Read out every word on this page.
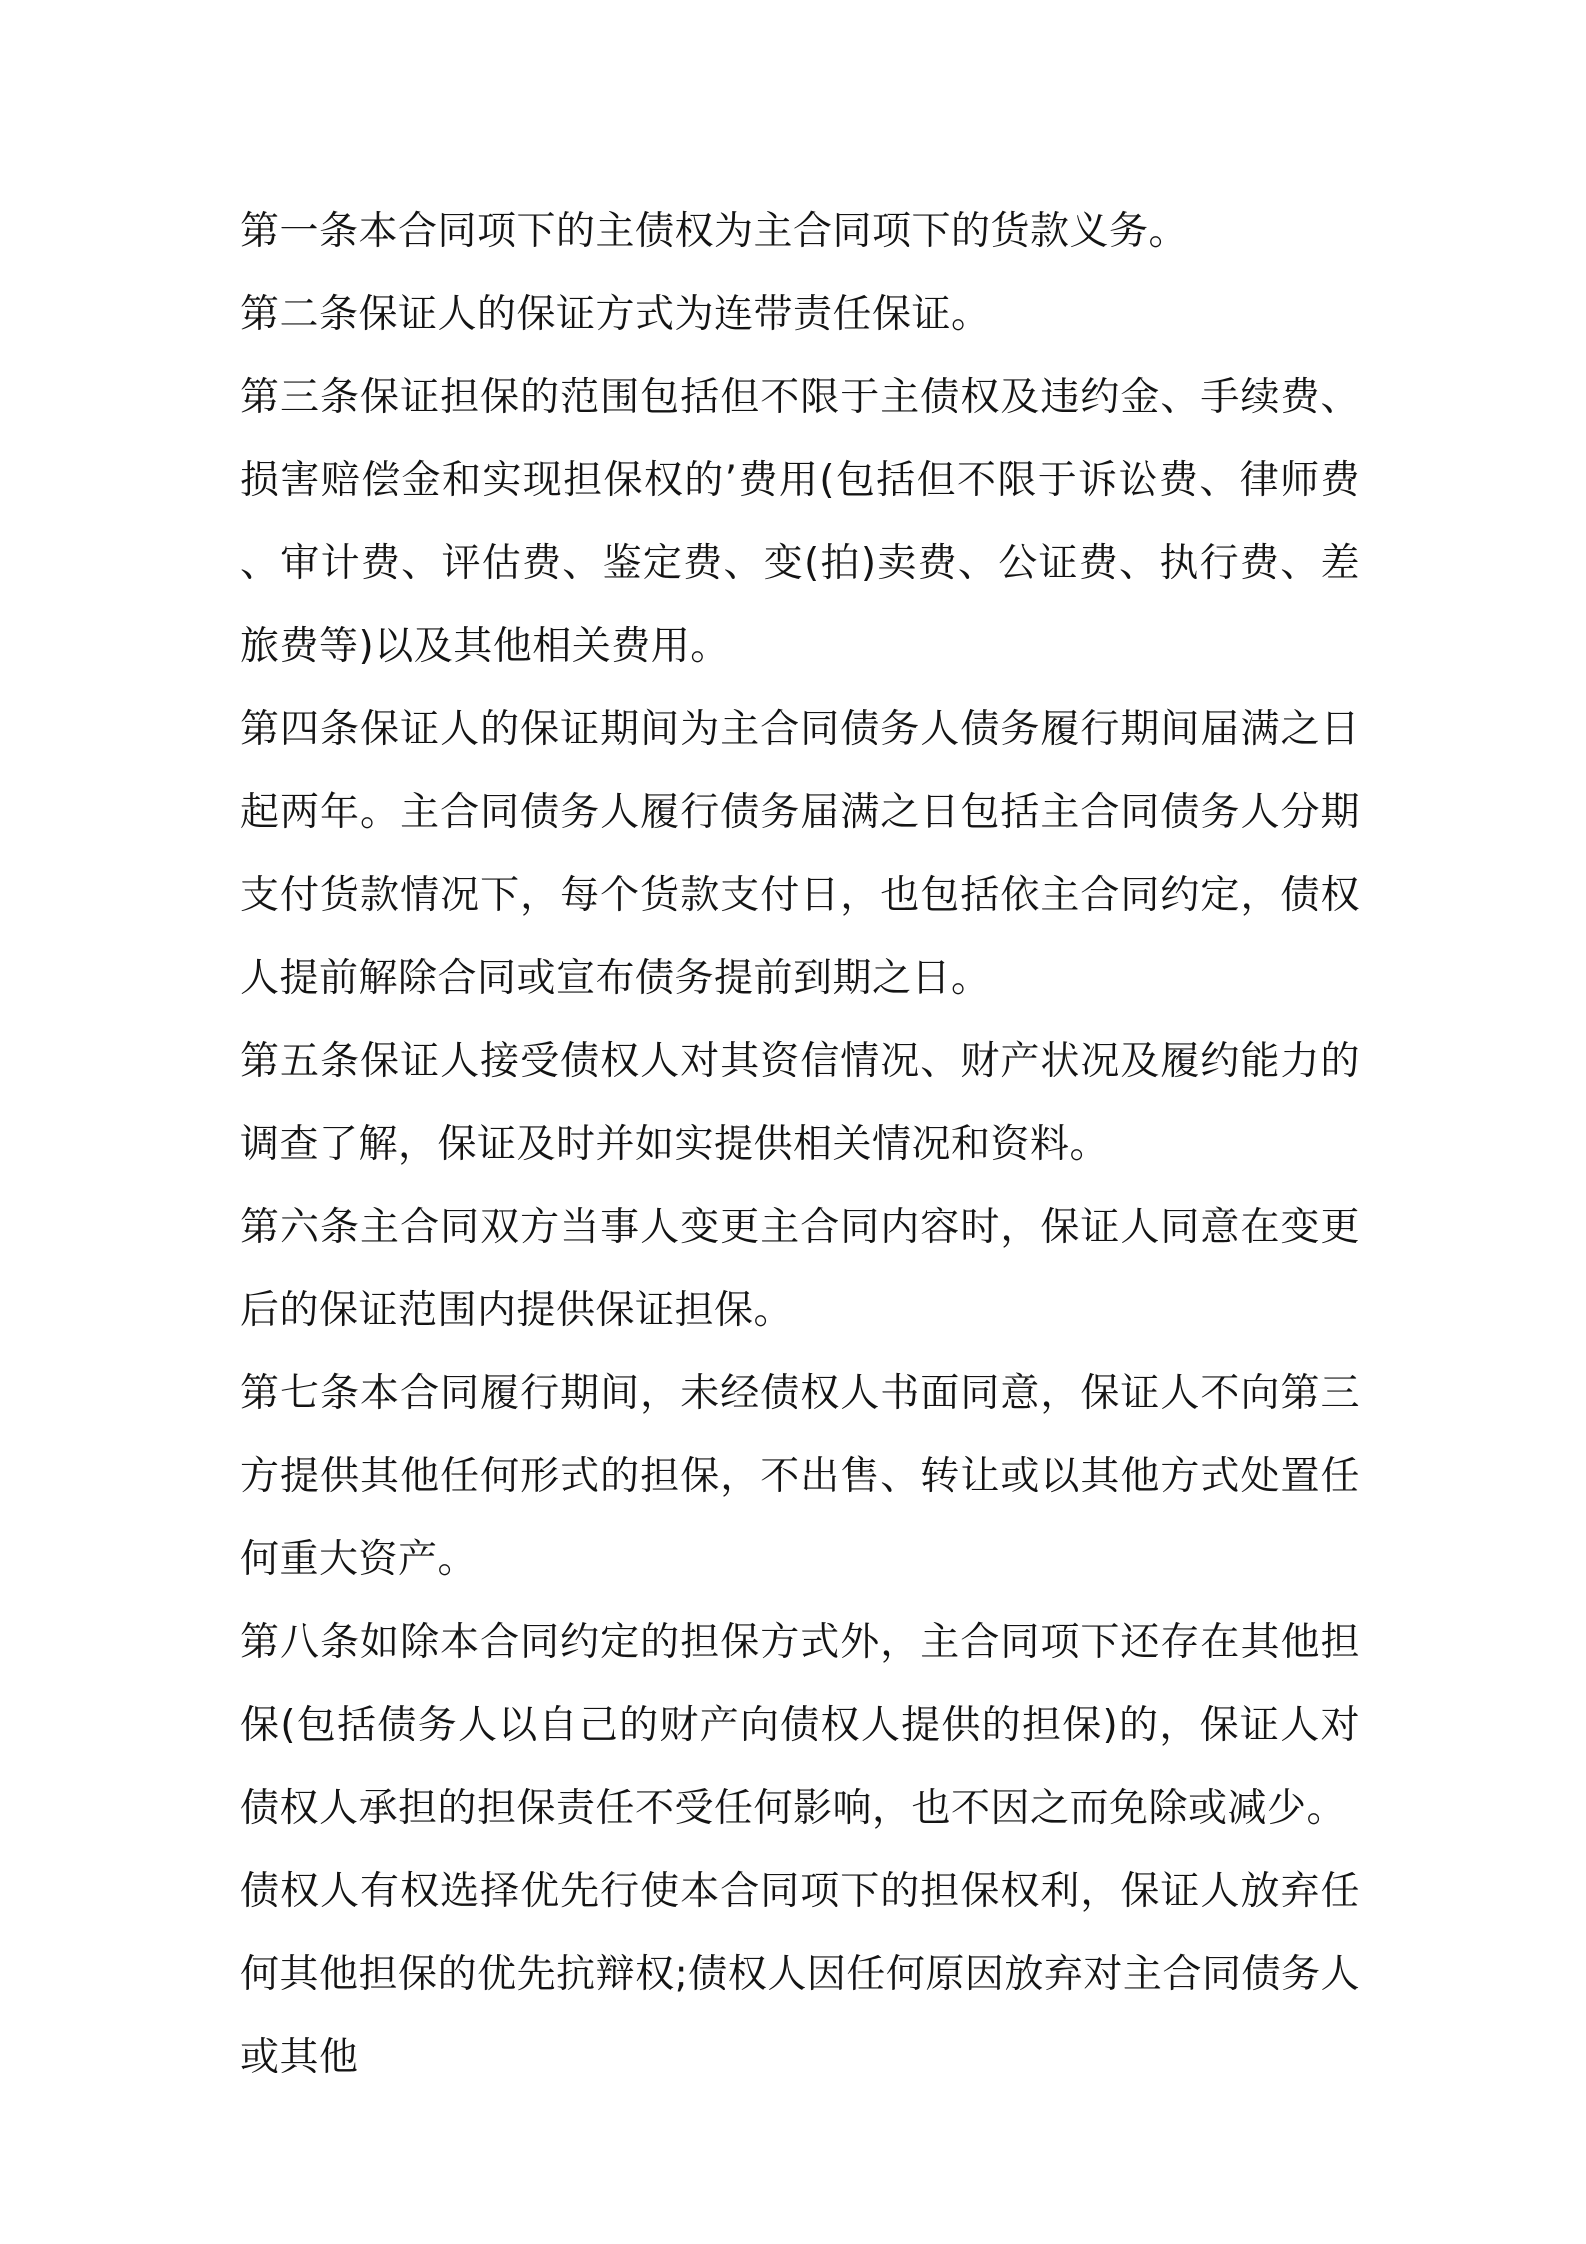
第一条本合同项下的主债权为主合同项下的货款义务。

第二条保证人的保证方式为连带责任保证。

第三条保证担保的范围包括但不限于主债权及违约金、手续费、损害赔偿金和实现担保权的’费用(包括但不限于诉讼费、律师费、审计费、评估费、鉴定费、变(拍)卖费、公证费、执行费、差旅费等)以及其他相关费用。

第四条保证人的保证期间为主合同债务人债务履行期间届满之日起两年。主合同债务人履行债务届满之日包括主合同债务人分期支付货款情况下，每个货款支付日，也包括依主合同约定，债权人提前解除合同或宣布债务提前到期之日。

第五条保证人接受债权人对其资信情况、财产状况及履约能力的调查了解，保证及时并如实提供相关情况和资料。

第六条主合同双方当事人变更主合同内容时，保证人同意在变更后的保证范围内提供保证担保。

第七条本合同履行期间，未经债权人书面同意，保证人不向第三方提供其他任何形式的担保，不出售、转让或以其他方式处置任何重大资产。

第八条如除本合同约定的担保方式外，主合同项下还存在其他担保(包括债务人以自己的财产向债权人提供的担保)的，保证人对债权人承担的担保责任不受任何影响，也不因之而免除或减少。

债权人有权选择优先行使本合同项下的担保权利，保证人放弃任何其他担保的优先抗辩权;债权人因任何原因放弃对主合同债务人或其他
